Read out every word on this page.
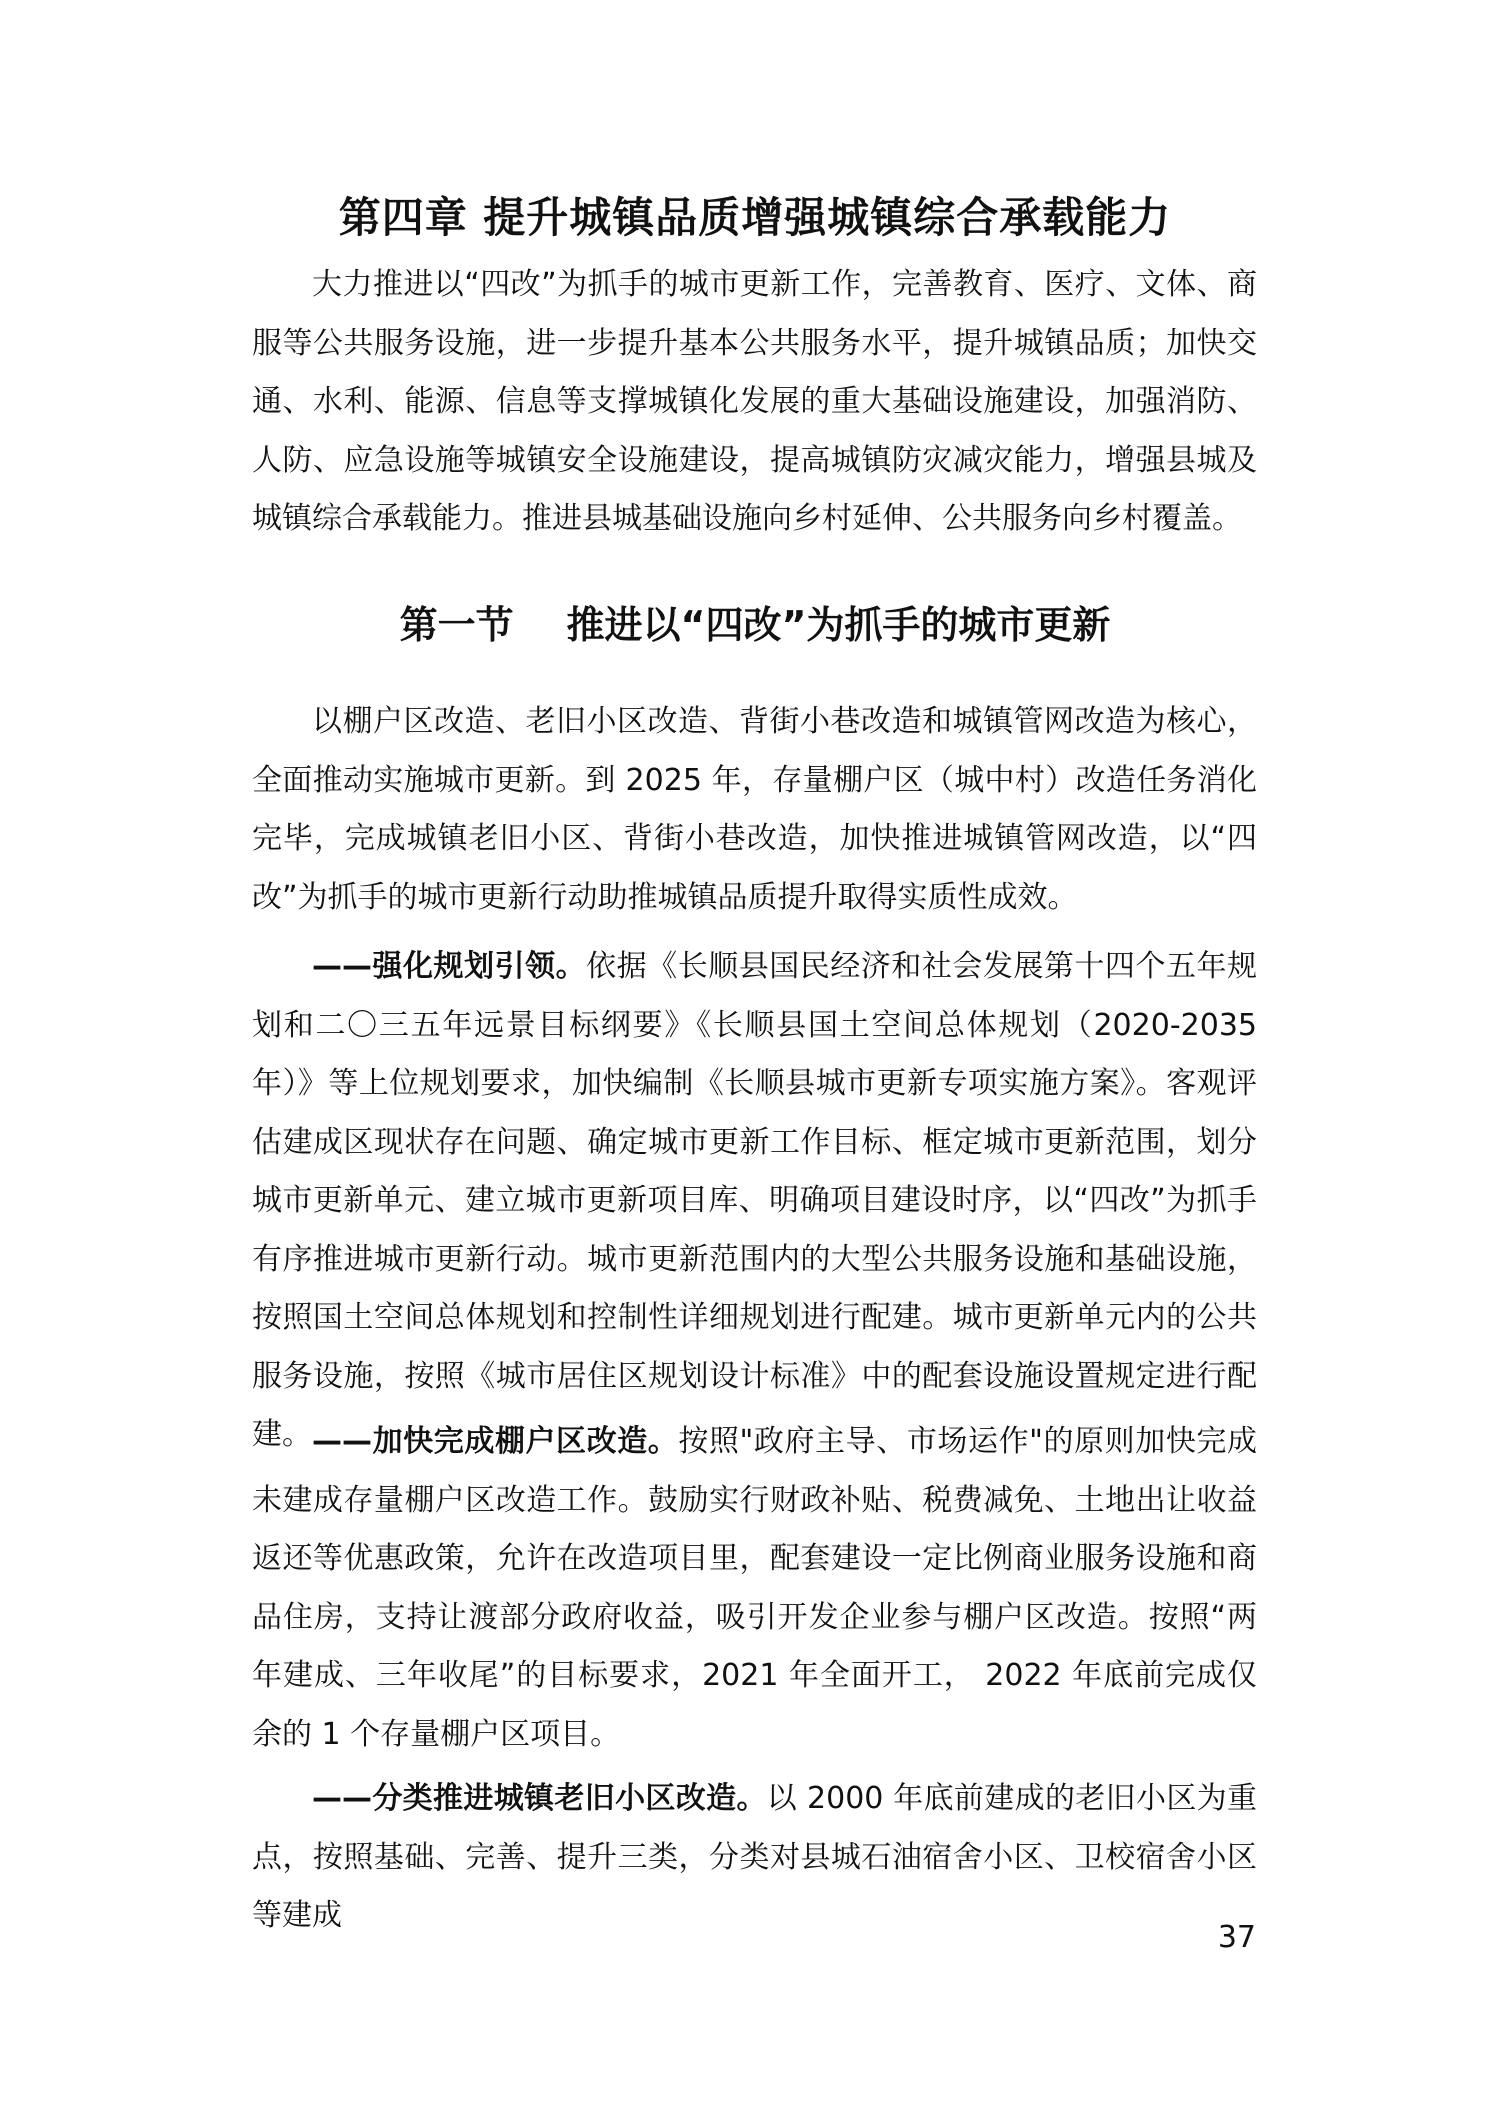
第四章 提升城镇品质增强城镇综合承载能力

大力推进以“四改”为抓手的城市更新工作，完善教育、医疗、文体、商服等公共服务设施，进一步提升基本公共服务水平，提升城镇品质；加快交通、水利、能源、信息等支撑城镇化发展的重大基础设施建设，加强消防、人防、应急设施等城镇安全设施建设，提高城镇防灾减灾能力，增强县城及城镇综合承载能力。推进县城基础设施向乡村延伸、公共服务向乡村覆盖。

第一节    推进以“四改”为抓手的城市更新

以棚户区改造、老旧小区改造、背街小巷改造和城镇管网改造为核心，全面推动实施城市更新。到 2025 年，存量棚户区（城中村）改造任务消化完毕，完成城镇老旧小区、背街小巷改造，加快推进城镇管网改造，以“四改”为抓手的城市更新行动助推城镇品质提升取得实质性成效。

——强化规划引领。依据《长顺县国民经济和社会发展第十四个五年规划和二〇三五年远景目标纲要》《长顺县国土空间总体规划（2020-2035 年）》等上位规划要求，加快编制《长顺县城市更新专项实施方案》。客观评估建成区现状存在问题、确定城市更新工作目标、框定城市更新范围，划分城市更新单元、建立城市更新项目库、明确项目建设时序，以“四改”为抓手有序推进城市更新行动。城市更新范围内的大型公共服务设施和基础设施，按照国土空间总体规划和控制性详细规划进行配建。城市更新单元内的公共服务设施，按照《城市居住区规划设计标准》中的配套设施设置规定进行配建。 ——加快完成棚户区改造。按照"政府主导、市场运作"的原则加快完成未建成存量棚户区改造工作。鼓励实行财政补贴、税费减免、土地出让收益返还等优惠政策，允许在改造项目里，配套建设一定比例商业服务设施和商品住房，支持让渡部分政府收益，吸引开发企业参与棚户区改造。按照“两年建成、三年收尾”的目标要求，2021 年全面开工， 2022 年底前完成仅余的 1 个存量棚户区项目。

——分类推进城镇老旧小区改造。以 2000 年底前建成的老旧小区为重点，按照基础、完善、提升三类，分类对县城石油宿舍小区、卫校宿舍小区等建成

37
